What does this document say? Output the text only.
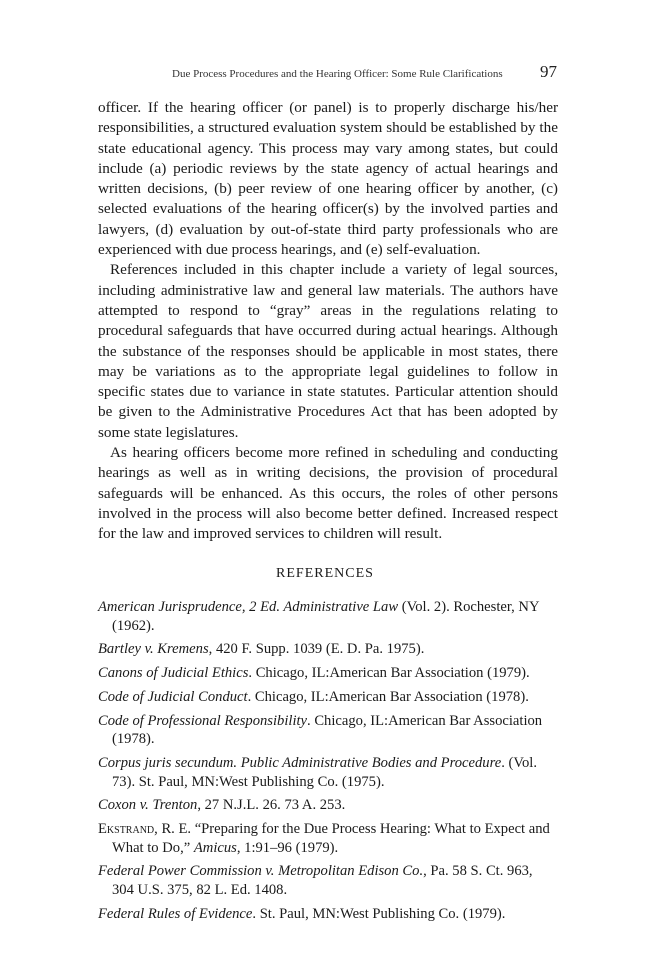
Due Process Procedures and the Hearing Officer: Some Rule Clarifications 97

officer. If the hearing officer (or panel) is to properly discharge his/her responsibilities, a structured evaluation system should be established by the state educational agency. This process may vary among states, but could include (a) periodic reviews by the state agency of actual hearings and written decisions, (b) peer review of one hearing officer by another, (c) selected evaluations of the hearing officer(s) by the involved parties and lawyers, (d) evaluation by out-of-state third party professionals who are experienced with due process hearings, and (e) self-evaluation.

References included in this chapter include a variety of legal sources, including administrative law and general law materials. The authors have attempted to respond to “gray” areas in the regulations relating to procedural safeguards that have occurred during actual hearings. Although the substance of the responses should be applicable in most states, there may be variations as to the appropriate legal guidelines to follow in specific states due to variance in state statutes. Particular attention should be given to the Administrative Procedures Act that has been adopted by some state legislatures.

As hearing officers become more refined in scheduling and conducting hearings as well as in writing decisions, the provision of procedural safeguards will be enhanced. As this occurs, the roles of other persons involved in the process will also become better defined. Increased respect for the law and improved services to children will result.

REFERENCES

American Jurisprudence, 2 Ed. Administrative Law (Vol. 2). Rochester, NY (1962).

Bartley v. Kremens, 420 F. Supp. 1039 (E. D. Pa. 1975).

Canons of Judicial Ethics. Chicago, IL:American Bar Association (1979).

Code of Judicial Conduct. Chicago, IL:American Bar Association (1978).

Code of Professional Responsibility. Chicago, IL:American Bar Association (1978).

Corpus juris secundum. Public Administrative Bodies and Procedure. (Vol. 73). St. Paul, MN:West Publishing Co. (1975).

Coxon v. Trenton, 27 N.J.L. 26. 73 A. 253.

Ekstrand, R. E. “Preparing for the Due Process Hearing: What to Expect and What to Do,” Amicus, 1:91–96 (1979).

Federal Power Commission v. Metropolitan Edison Co., Pa. 58 S. Ct. 963, 304 U.S. 375, 82 L. Ed. 1408.

Federal Rules of Evidence. St. Paul, MN:West Publishing Co. (1979).
